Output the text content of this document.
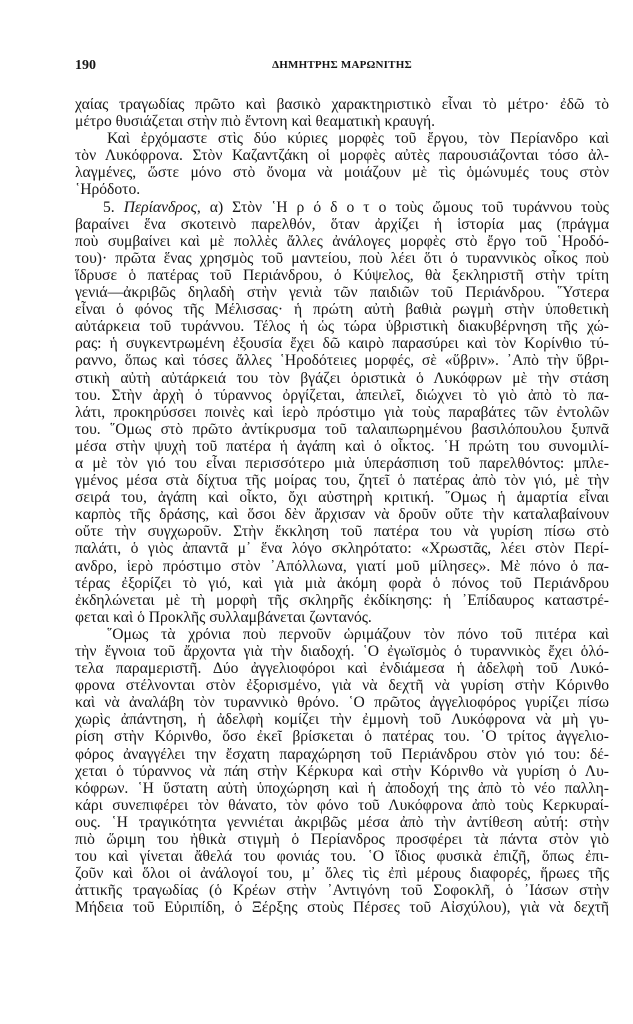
190	ΔΗΜΗΤΡΗΣ ΜΑΡΩΝΙΤΗΣ
χαίας τραγωδίας πρῶτο καὶ βασικὸ χαρακτηριστικὸ εἶναι τὸ μέτρο· ἐδῶ τὸ
μέτρο θυσιάζεται στὴν πιὸ ἔντονη καὶ θεαματικὴ κραυγή.
Καὶ ἐρχόμαστε στὶς δύο κύριες μορφὲς τοῦ ἔργου, τὸν Περίανδρο καὶ
τὸν Λυκόφρονα. Στὸν Καζαντζάκη οἱ μορφὲς αὐτὲς παρουσιάζονται τόσο ἀλ-
λαγμένες, ὥστε μόνο στὸ ὄνομα νὰ μοιάζουν μὲ τὶς ὁμώνυμές τους στὸν
῾Ηρόδοτο.
5. Περίανδρος, α) Στὸν ῾Η ρ ό δ ο τ ο τοὺς ὤμους τοῦ τυράννου τοὺς
βαραίνει ἕνα σκοτεινὸ παρελθόν, ὅταν ἀρχίζει ἡ ἱστορία μας (πράγμα
ποὺ συμβαίνει καὶ μὲ πολλὲς ἄλλες ἀνάλογες μορφὲς στὸ ἔργο τοῦ ῾Ηροδό-
του)· πρῶτα ἕνας χρησμὸς τοῦ μαντείου, ποὺ λέει ὅτι ὁ τυραννικὸς οἶκος ποὺ
ἵδρυσε ὁ πατέρας τοῦ Περιάνδρου, ὁ Κύψελος, θὰ ξεκληριστῆ στὴν τρίτη
γενιά—ἀκριβῶς δηλαδὴ στὴν γενιὰ τῶν παιδιῶν τοῦ Περιάνδρου. ῞Υστερα
εἶναι ὁ φόνος τῆς Μέλισσας· ἡ πρώτη αὐτὴ βαθιὰ ρωγμὴ στὴν ὑποθετικὴ
αὐτάρκεια τοῦ τυράννου. Τέλος ἡ ὡς τώρα ὑβριστικὴ διακυβέρνηση τῆς χώ-
ρας: ἡ συγκεντρωμένη ἐξουσία ἔχει δῶ καιρὸ παρασύρει καὶ τὸν Κορίνθιο τύ-
ραννο, ὅπως καὶ τόσες ἄλλες ῾Ηροδότειες μορφές, σὲ «ὕβριν». ᾿Απὸ τὴν ὕβρι-
στικὴ αὐτὴ αὐτάρκειά του τὸν βγάζει ὁριστικὰ ὁ Λυκόφρων μὲ τὴν στάση
του. Στὴν ἀρχὴ ὁ τύραννος ὀργίζεται, ἀπειλεῖ, διώχνει τὸ γιὸ ἀπὸ τὸ πα-
λάτι, προκηρύσσει ποινὲς καὶ ἱερὸ πρόστιμο γιὰ τοὺς παραβάτες τῶν ἐντολῶν
του. ῞Ομως στὸ πρῶτο ἀντίκρυσμα τοῦ ταλαιπωρημένου βασιλόπουλου ξυπνᾶ
μέσα στὴν ψυχὴ τοῦ πατέρα ἡ ἀγάπη καὶ ὁ οἶκτος. ῾Η πρώτη του συνομιλί-
α μὲ τὸν γιό του εἶναι περισσότερο μιὰ ὑπεράσπιση τοῦ παρελθόντος: μπλε-
γμένος μέσα στὰ δίχτυα τῆς μοίρας του, ζητεῖ ὁ πατέρας ἀπὸ τὸν γιό, μὲ τὴν
σειρά του, ἀγάπη καὶ οἶκτο, ὄχι αὐστηρὴ κριτική. ῞Ομως ἡ ἁμαρτία εἶναι
καρπὸς τῆς δράσης, καὶ ὅσοι δὲν ἄρχισαν νὰ δροῦν οὔτε τὴν καταλαβαίνουν
οὔτε τὴν συγχωροῦν. Στὴν ἔκκληση τοῦ πατέρα του νὰ γυρίση πίσω στὸ
παλάτι, ὁ γιὸς ἀπαντᾶ μ᾿ ἕνα λόγο σκληρότατο: «Χρωστᾶς, λέει στὸν Περί-
ανδρο, ἱερὸ πρόστιμο στὸν ᾿Απόλλωνα, γιατί μοῦ μίλησες». Μὲ πόνο ὁ πα-
τέρας ἐξορίζει τὸ γιό, καὶ γιὰ μιὰ ἀκόμη φορὰ ὁ πόνος τοῦ Περιάνδρου
ἐκδηλώνεται μὲ τὴ μορφὴ τῆς σκληρῆς ἐκδίκησης: ἡ ᾿Επίδαυρος καταστρέ-
φεται καὶ ὁ Προκλῆς συλλαμβάνεται ζωντανός.
῞Ομως τὰ χρόνια ποὺ περνοῦν ὡριμάζουν τὸν πόνο τοῦ πιτέρα καὶ
τὴν ἔγνοια τοῦ ἄρχοντα γιὰ τὴν διαδοχή. ῾Ο ἐγωϊσμὸς ὁ τυραννικὸς ἔχει ὁλό-
τελα παραμεριστῆ. Δύο ἀγγελιοφόροι καὶ ἐνδιάμεσα ἡ ἀδελφὴ τοῦ Λυκό-
φρονα στέλνονται στὸν ἐξορισμένο, γιὰ νὰ δεχτῆ νὰ γυρίση στὴν Κόρινθο
καὶ νὰ ἀναλάβη τὸν τυραννικὸ θρόνο. ῾Ο πρῶτος ἀγγελιοφόρος γυρίζει πίσω
χωρὶς ἀπάντηση, ἡ ἀδελφὴ κομίζει τὴν ἐμμονὴ τοῦ Λυκόφρονα νὰ μὴ γυ-
ρίση στὴν Κόρινθο, ὅσο ἐκεῖ βρίσκεται ὁ πατέρας του. ῾Ο τρίτος ἀγγελιο-
φόρος ἀναγγέλει την ἔσχατη παραχώρηση τοῦ Περιάνδρου στὸν γιό του: δέ-
χεται ὁ τύραννος νὰ πάη στὴν Κέρκυρα καὶ στὴν Κόρινθο νὰ γυρίση ὁ Λυ-
κόφρων. ῾Η ὕστατη αὐτὴ ὑποχώρηση καὶ ἡ ἀποδοχή της ἀπὸ τὸ νέο παλλη-
κάρι συνεπιφέρει τὸν θάνατο, τὸν φόνο τοῦ Λυκόφρονα ἀπὸ τοὺς Κερκυραί-
ους. ῾Η τραγικότητα γεννιέται ἀκριβῶς μέσα ἀπὸ τὴν ἀντίθεση αὐτή: στὴν
πιὸ ὥριμη του ἠθικὰ στιγμὴ ὁ Περίανδρος προσφέρει τὰ πάντα στὸν γιὸ
του καὶ γίνεται ἄθελά του φονιάς του. ῾Ο ἴδιος φυσικὰ ἐπιζῆ, ὅπως ἐπι-
ζοῦν καὶ ὅλοι οἱ ἀνάλογοί του, μ᾿ ὅλες τὶς ἐπὶ μέρους διαφορές, ἥρωες τῆς
ἀττικῆς τραγωδίας (ὁ Κρέων στὴν ᾿Αντιγόνη τοῦ Σοφοκλῆ, ὁ ᾿Ιάσων στὴν
Μήδεια τοῦ Εὐριπίδη, ὁ Ξέρξης στοὺς Πέρσες τοῦ Αἰσχύλου), γιὰ νὰ δεχτῆ
